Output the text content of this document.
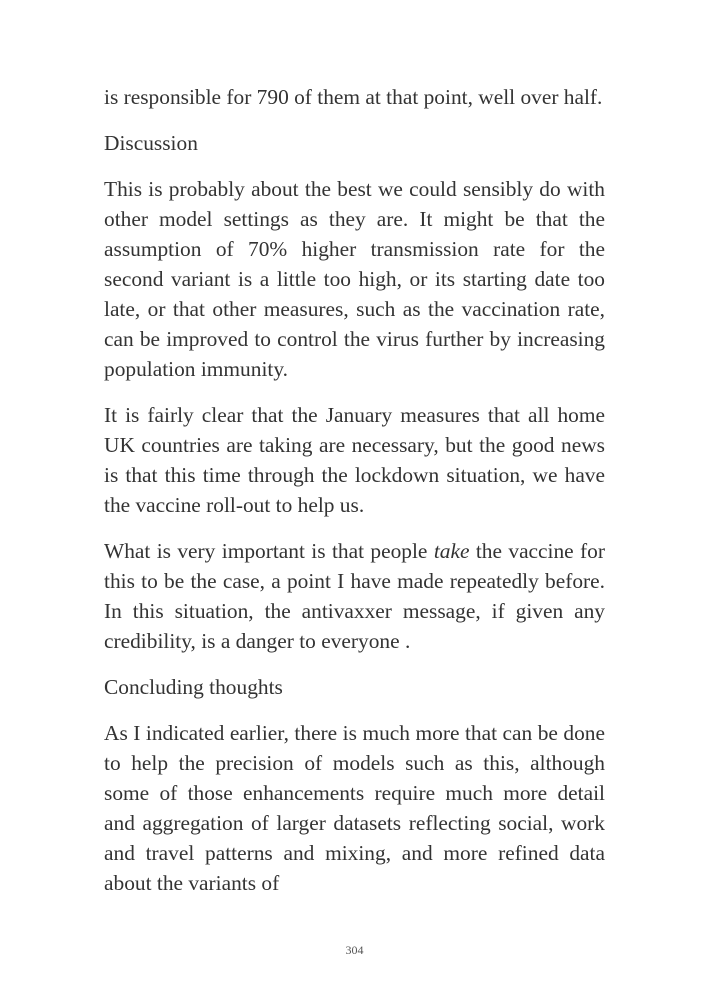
is responsible for 790 of them at that point, well over half.

Discussion

This is probably about the best we could sensibly do with other model settings as they are. It might be that the assumption of 70% higher transmission rate for the second variant is a little too high, or its starting date too late, or that other measures, such as the vaccination rate, can be improved to control the virus further by increasing population immunity.

It is fairly clear that the January measures that all home UK countries are taking are necessary, but the good news is that this time through the lockdown situation, we have the vaccine roll-out to help us.

What is very important is that people take the vaccine for this to be the case, a point I have made repeatedly before. In this situation, the antivaxxer message, if given any credibility, is a danger to everyone .

Concluding thoughts

As I indicated earlier, there is much more that can be done to help the precision of models such as this, although some of those enhancements require much more detail and aggregation of larger datasets reflecting social, work and travel patterns and mixing, and more refined data about the variants of

304
